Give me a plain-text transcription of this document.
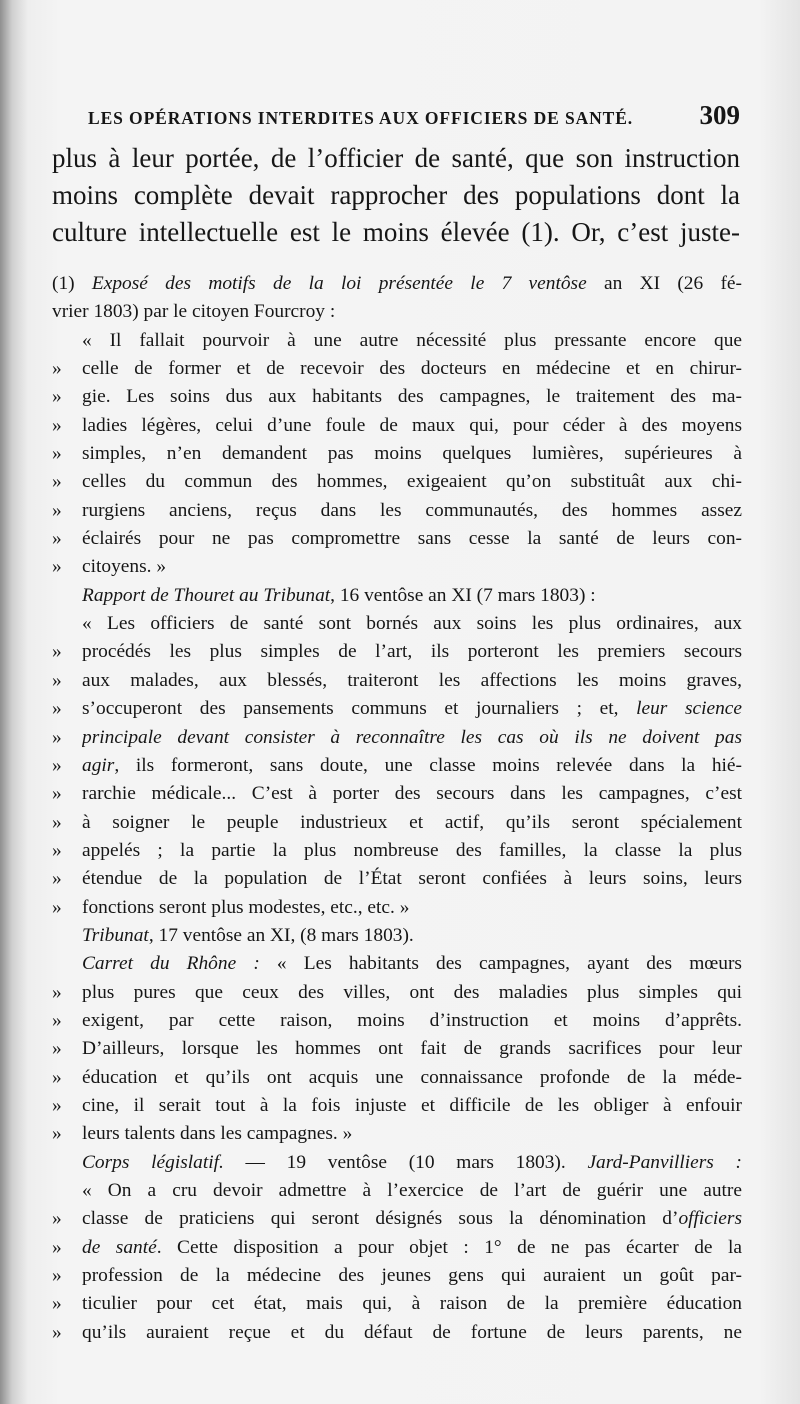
LES OPÉRATIONS INTERDITES AUX OFFICIERS DE SANTÉ. 309
plus à leur portée, de l’officier de santé, que son instruction
moins complète devait rapprocher des populations dont la
culture intellectuelle est le moins élevée (1). Or, c’est juste-
(1) Exposé des motifs de la loi présentée le 7 ventôse an XI (26 fé-
vrier 1803) par le citoyen Fourcroy :
« Il fallait pourvoir à une autre nécessité plus pressante encore que
»	celle de former et de recevoir des docteurs en médecine et en chirur-
»	gie. Les soins dus aux habitants des campagnes, le traitement des ma-
»	ladies légères, celui d’une foule de maux qui, pour céder à des moyens
»	simples, n’en demandent pas moins quelques lumières, supérieures à
»	celles du commun des hommes, exigeaient qu’on substituât aux chi-
»	rurgiens anciens, reçus dans les communautés, des hommes assez
»	éclairés pour ne pas compromettre sans cesse la santé de leurs con-
»	citoyens. »
Rapport de Thouret au Tribunat, 16 ventôse an XI (7 mars 1803) :
« Les officiers de santé sont bornés aux soins les plus ordinaires, aux
»	procédés les plus simples de l’art, ils porteront les premiers secours
»	aux malades, aux blessés, traiteront les affections les moins graves,
»	s’occuperont des pansements communs et journaliers ; et, leur science
»	principale devant consister à reconnaître les cas où ils ne doivent pas
»	agir, ils formeront, sans doute, une classe moins relevée dans la hié-
»	rarchie médicale... C’est à porter des secours dans les campagnes, c’est
»	à soigner le peuple industrieux et actif, qu’ils seront spécialement
»	appelés ; la partie la plus nombreuse des familles, la classe la plus
»	étendue de la population de l’État seront confiées à leurs soins, leurs
»	fonctions seront plus modestes, etc., etc. »
Tribunat, 17 ventôse an XI, (8 mars 1803).
Carret du Rhône : « Les habitants des campagnes, ayant des mœurs
»	plus pures que ceux des villes, ont des maladies plus simples qui
»	exigent, par cette raison, moins d’instruction et moins d’apprêts.
»	D’ailleurs, lorsque les hommes ont fait de grands sacrifices pour leur
»	éducation et qu’ils ont acquis une connaissance profonde de la méde-
»	cine, il serait tout à la fois injuste et difficile de les obliger à enfouir
»	leurs talents dans les campagnes. »
Corps législatif. — 19 ventôse (10 mars 1803). Jard-Panvilliers :
« On a cru devoir admettre à l’exercice de l’art de guérir une autre
»	classe de praticiens qui seront désignés sous la dénomination d’officiers
»	de santé. Cette disposition a pour objet : 1° de ne pas écarter de la
»	profession de la médecine des jeunes gens qui auraient un goût par-
»	ticulier pour cet état, mais qui, à raison de la première éducation
»	qu’ils auraient reçue et du défaut de fortune de leurs parents, ne
